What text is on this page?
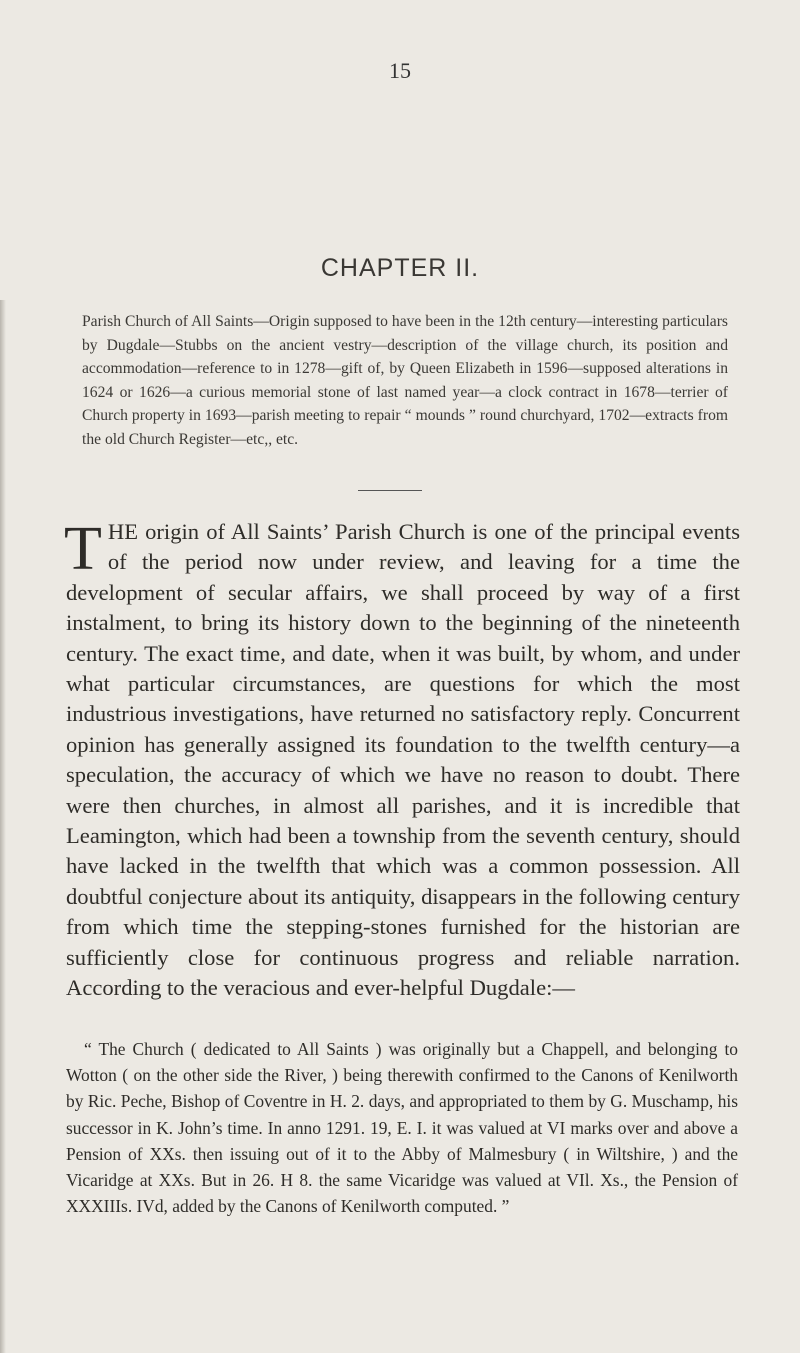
15
CHAPTER II.
Parish Church of All Saints—Origin supposed to have been in the 12th century—interesting particulars by Dugdale—Stubbs on the ancient vestry—description of the village church, its position and accommodation—reference to in 1278—gift of, by Queen Elizabeth in 1596—supposed alterations in 1624 or 1626—a curious memorial stone of last named year—a clock contract in 1678—terrier of Church property in 1693—parish meeting to repair “ mounds ” round churchyard, 1702—extracts from the old Church Register—etc,, etc.

THE origin of All Saints’ Parish Church is one of the principal events of the period now under review, and leaving for a time the development of secular affairs, we shall proceed by way of a first instalment, to bring its history down to the beginning of the nineteenth century. The exact time, and date, when it was built, by whom, and under what particular circumstances, are questions for which the most industrious investigations, have returned no satisfactory reply. Concurrent opinion has generally assigned its foundation to the twelfth century—a speculation, the accuracy of which we have no reason to doubt. There were then churches, in almost all parishes, and it is incredible that Leamington, which had been a township from the seventh century, should have lacked in the twelfth that which was a common possession. All doubtful conjecture about its antiquity, disappears in the following century from which time the stepping-stones furnished for the historian are sufficiently close for continuous progress and reliable narration. According to the veracious and ever-helpful Dugdale:—

“ The Church ( dedicated to All Saints ) was originally but a Chappell, and belonging to Wotton ( on the other side the River, ) being therewith confirmed to the Canons of Kenilworth by Ric. Peche, Bishop of Coventre in H. 2. days, and appropriated to them by G. Muschamp, his successor in K. John’s time. In anno 1291. 19, E. I. it was valued at VI marks over and above a Pension of XXs. then issuing out of it to the Abby of Malmesbury ( in Wiltshire, ) and the Vicaridge at XXs. But in 26. H 8. the same Vicaridge was valued at VIl. Xs., the Pension of XXXIIIs. IVd, added by the Canons of Kenilworth computed. ”
